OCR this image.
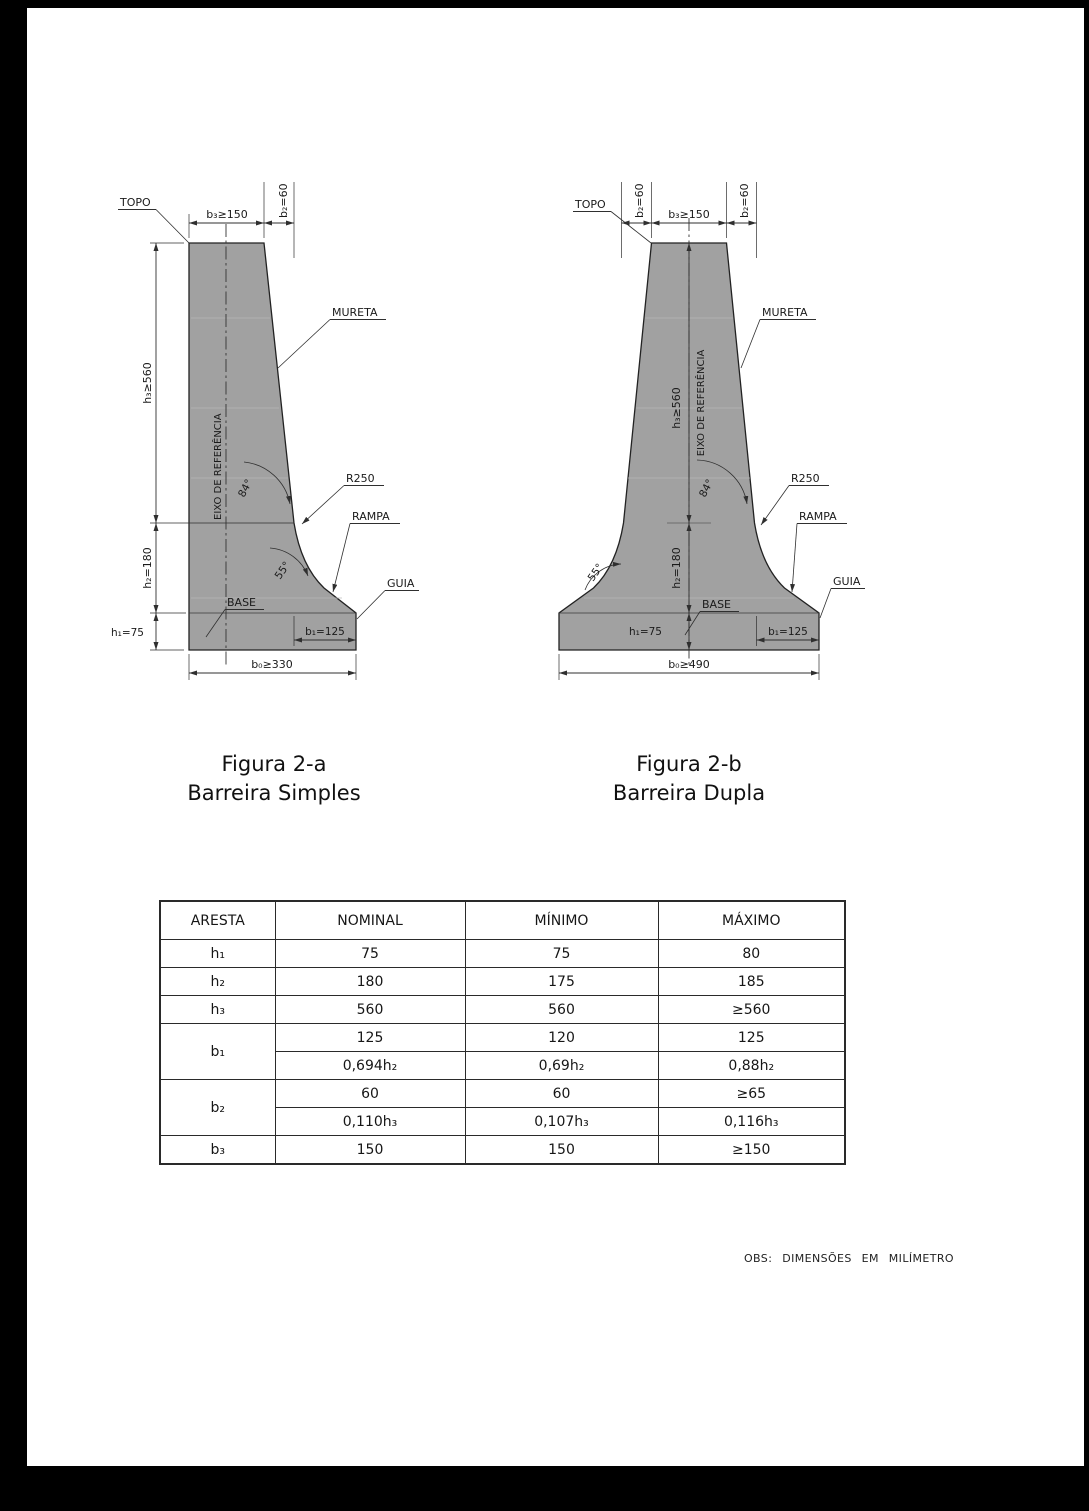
EIXO DE REFERÊNCIA
b₃≥150	b₂=60
h₃≥560
h₂=180
h₁=75	b₁=125
b₀≥330
TOPO
MURETA
R250
RAMPA
GUIA
BASE
84°
55°
EIXO DE REFERÊNCIA
b₂=60 b₃≥150	b₂=60
h₃≥560
h₂=180
h₁=75	b₁=125
b₀≥490
TOPO
MURETA
R250
RAMPA
GUIA
BASE
84°
55°
Figura 2-a
Barreira Simples
Figura 2-b
Barreira Dupla
ARESTA	NOMINAL	MÍNIMO	MÁXIMO
h₁	75	75	80
h₂	180	175	185
h₃	560	560	≥560
b₁	125	120	125
	0,694h₂	0,69h₂	0,88h₂
b₂	60	60	≥65
	0,110h₃	0,107h₃	0,116h₃
b₃	150	150	≥150
OBS: DIMENSÕES EM MILÍMETRO
